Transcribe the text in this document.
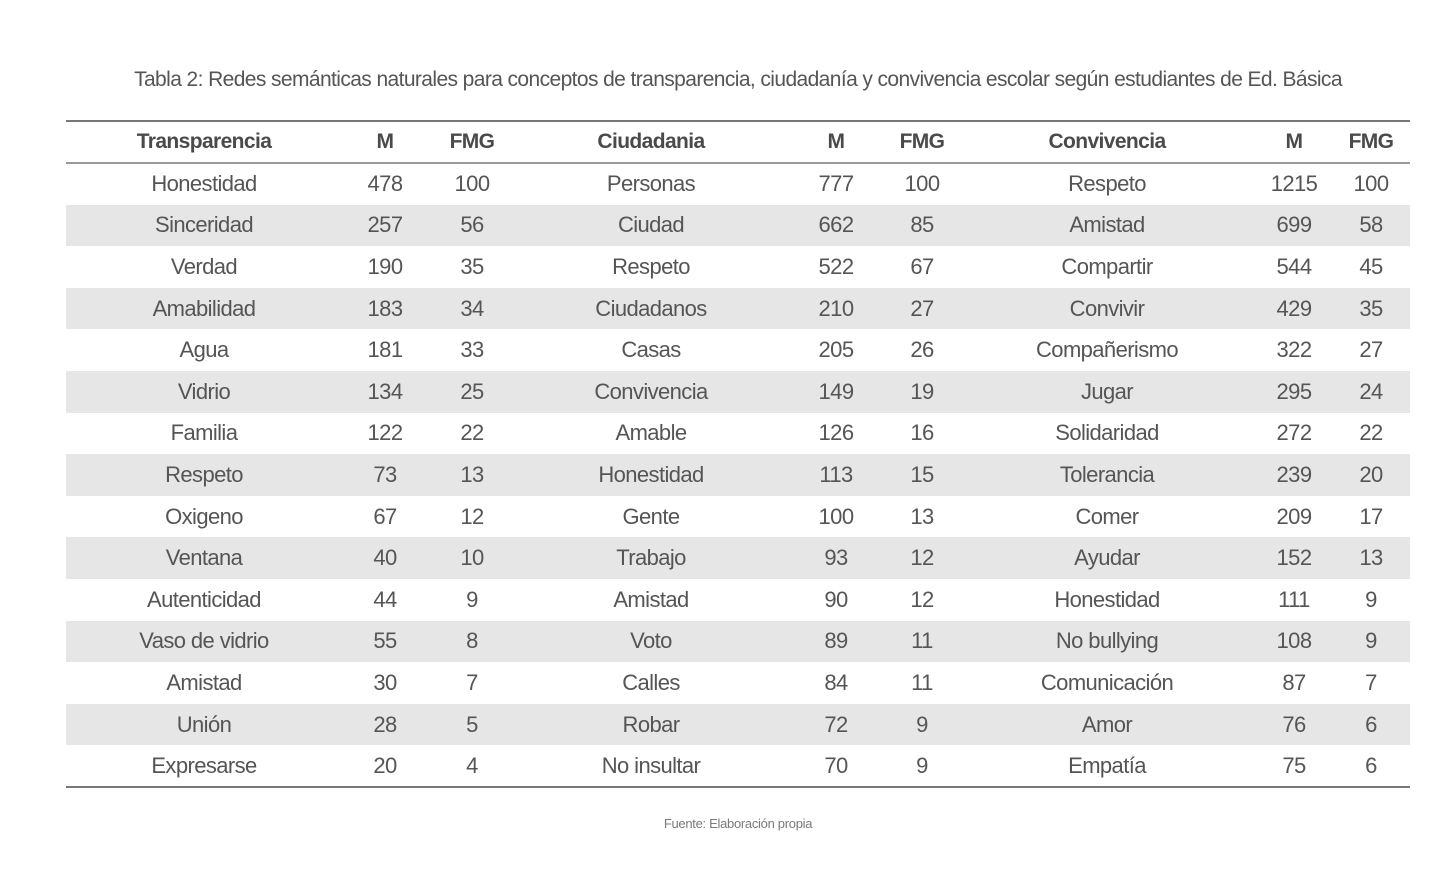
Tabla 2: Redes semánticas naturales para conceptos de transparencia, ciudadanía y convivencia escolar según estudiantes de Ed. Básica
Transparencia	M	FMG	Ciudadania	M	FMG	Convivencia	M	FMG
Honestidad	478	100	Personas	777	100	Respeto	1215	100
Sinceridad	257	56	Ciudad	662	85	Amistad	699	58
Verdad	190	35	Respeto	522	67	Compartir	544	45
Amabilidad	183	34	Ciudadanos	210	27	Convivir	429	35
Agua	181	33	Casas	205	26	Compañerismo	322	27
Vidrio	134	25	Convivencia	149	19	Jugar	295	24
Familia	122	22	Amable	126	16	Solidaridad	272	22
Respeto	73	13	Honestidad	113	15	Tolerancia	239	20
Oxigeno	67	12	Gente	100	13	Comer	209	17
Ventana	40	10	Trabajo	93	12	Ayudar	152	13
Autenticidad	44	9	Amistad	90	12	Honestidad	111	9
Vaso de vidrio	55	8	Voto	89	11	No bullying	108	9
Amistad	30	7	Calles	84	11	Comunicación	87	7
Unión	28	5	Robar	72	9	Amor	76	6
Expresarse	20	4	No insultar	70	9	Empatía	75	6
Fuente: Elaboración propia
